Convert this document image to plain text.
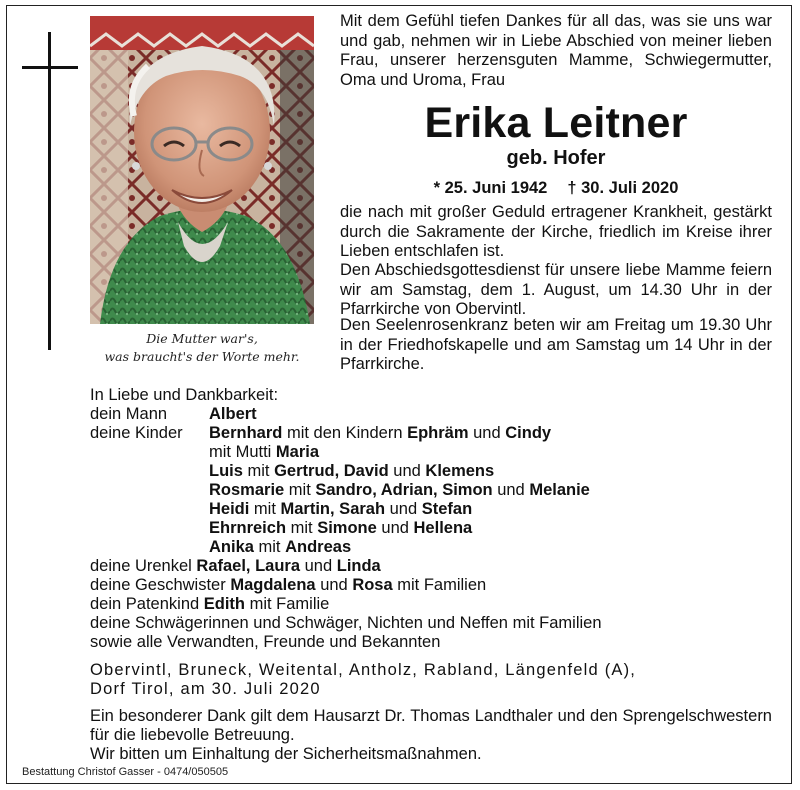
Die Mutter war's,
was braucht's der Worte mehr.
Mit dem Gefühl tiefen Dankes für all das, was sie uns war und gab, nehmen wir in Liebe Abschied von meiner lieben Frau, unserer herzensguten Mamme, Schwiegermutter, Oma und Uroma, Frau
Erika Leitner
geb. Hofer
* 25. Juni 1942 † 30. Juli 2020
die nach mit großer Geduld ertragener Krankheit, gestärkt durch die Sakramente der Kirche, friedlich im Kreise ihrer Lieben entschlafen ist.
Den Abschiedsgottesdienst für unsere liebe Mamme feiern wir am Samstag, dem 1. August, um 14.30 Uhr in der Pfarrkirche von Obervintl.
Den Seelenrosenkranz beten wir am Freitag um 19.30 Uhr in der Friedhofskapelle und am Samstag um 14 Uhr in der Pfarrkirche.
In Liebe und Dankbarkeit:
dein Mann	Albert
deine Kinder	Bernhard mit den Kindern Ephräm und Cindy
mit Mutti Maria
Luis mit Gertrud, David und Klemens
Rosmarie mit Sandro, Adrian, Simon und Melanie
Heidi mit Martin, Sarah und Stefan
Ehrnreich mit Simone und Hellena
Anika mit Andreas
deine Urenkel Rafael, Laura und Linda
deine Geschwister Magdalena und Rosa mit Familien
dein Patenkind Edith mit Familie
deine Schwägerinnen und Schwäger, Nichten und Neffen mit Familien
sowie alle Verwandten, Freunde und Bekannten
Obervintl, Bruneck, Weitental, Antholz, Rabland, Längenfeld (A),
Dorf Tirol, am 30. Juli 2020
Ein besonderer Dank gilt dem Hausarzt Dr. Thomas Landthaler und den Sprengelschwestern für die liebevolle Betreuung.
Wir bitten um Einhaltung der Sicherheitsmaßnahmen.
Bestattung Christof Gasser - 0474/050505
